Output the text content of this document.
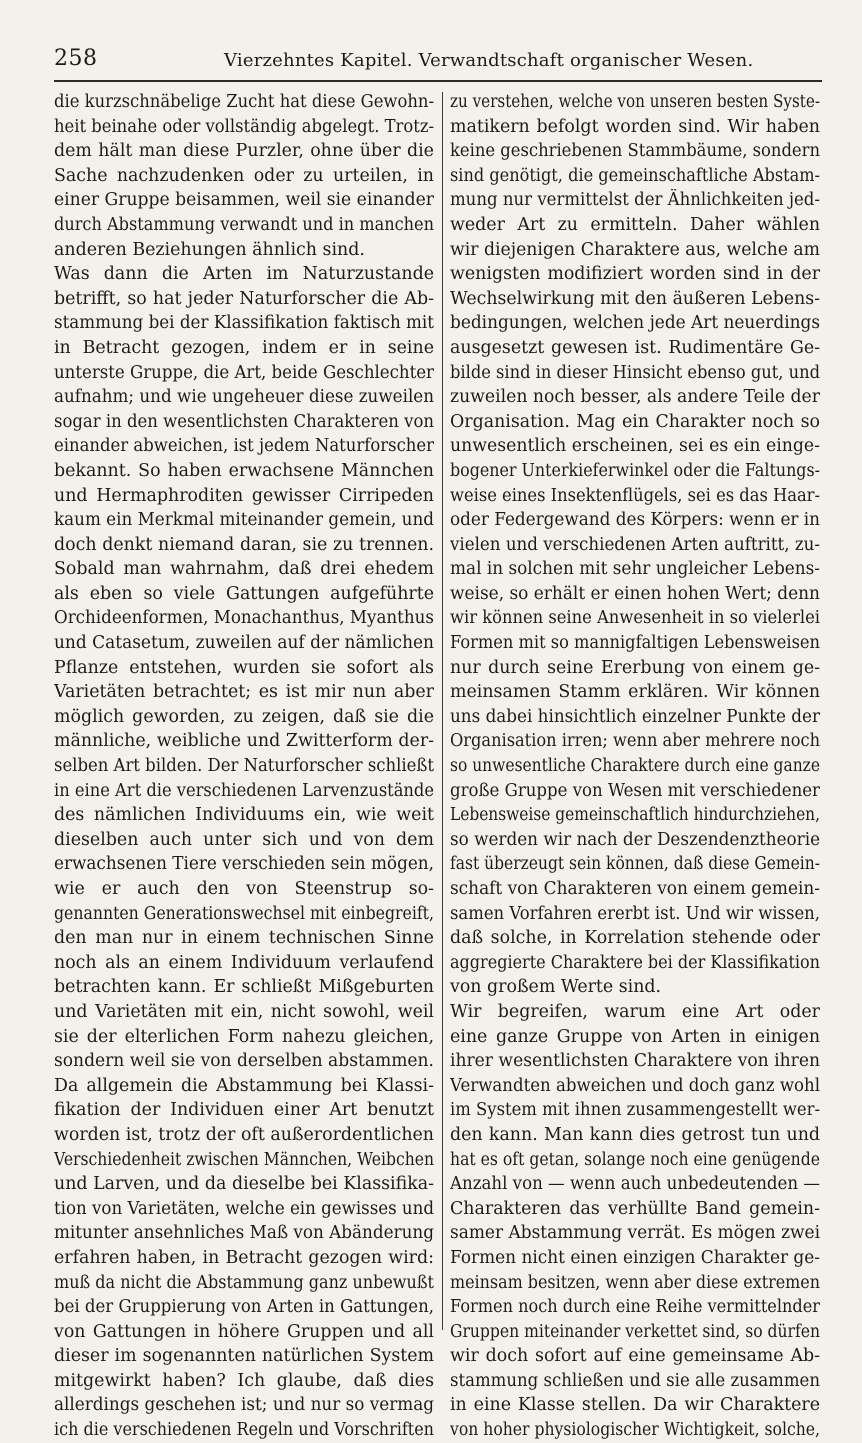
258	Vierzehntes Kapitel. Verwandtschaft organischer Wesen.
die kurzschnäbelige Zucht hat diese Gewohn-
heit beinahe oder vollständig abgelegt. Trotz-
dem hält man diese Purzler, ohne über die
Sache nachzudenken oder zu urteilen, in
einer Gruppe beisammen, weil sie einander
durch Abstammung verwandt und in manchen
anderen Beziehungen ähnlich sind.
Was dann die Arten im Naturzustande
betrifft, so hat jeder Naturforscher die Ab-
stammung bei der Klassifikation faktisch mit
in Betracht gezogen, indem er in seine
unterste Gruppe, die Art, beide Geschlechter
aufnahm; und wie ungeheuer diese zuweilen
sogar in den wesentlichsten Charakteren von
einander abweichen, ist jedem Naturforscher
bekannt. So haben erwachsene Männchen
und Hermaphroditen gewisser Cirripeden
kaum ein Merkmal miteinander gemein, und
doch denkt niemand daran, sie zu trennen.
Sobald man wahrnahm, daß drei ehedem
als eben so viele Gattungen aufgeführte
Orchideenformen, Monachanthus, Myanthus
und Catasetum, zuweilen auf der nämlichen
Pflanze entstehen, wurden sie sofort als
Varietäten betrachtet; es ist mir nun aber
möglich geworden, zu zeigen, daß sie die
männliche, weibliche und Zwitterform der-
selben Art bilden. Der Naturforscher schließt
in eine Art die verschiedenen Larvenzustände
des nämlichen Individuums ein, wie weit
dieselben auch unter sich und von dem
erwachsenen Tiere verschieden sein mögen,
wie er auch den von Steenstrup so-
genannten Generationswechsel mit einbegreift,
den man nur in einem technischen Sinne
noch als an einem Individuum verlaufend
betrachten kann. Er schließt Mißgeburten
und Varietäten mit ein, nicht sowohl, weil
sie der elterlichen Form nahezu gleichen,
sondern weil sie von derselben abstammen.
Da allgemein die Abstammung bei Klassi-
fikation der Individuen einer Art benutzt
worden ist, trotz der oft außerordentlichen
Verschiedenheit zwischen Männchen, Weibchen
und Larven, und da dieselbe bei Klassifika-
tion von Varietäten, welche ein gewisses und
mitunter ansehnliches Maß von Abänderung
erfahren haben, in Betracht gezogen wird:
muß da nicht die Abstammung ganz unbewußt
bei der Gruppierung von Arten in Gattungen,
von Gattungen in höhere Gruppen und all
dieser im sogenannten natürlichen System
mitgewirkt haben? Ich glaube, daß dies
allerdings geschehen ist; und nur so vermag
ich die verschiedenen Regeln und Vorschriften
zu verstehen, welche von unseren besten Syste-
matikern befolgt worden sind. Wir haben
keine geschriebenen Stammbäume, sondern
sind genötigt, die gemeinschaftliche Abstam-
mung nur vermittelst der Ähnlichkeiten jed-
weder Art zu ermitteln. Daher wählen
wir diejenigen Charaktere aus, welche am
wenigsten modifiziert worden sind in der
Wechselwirkung mit den äußeren Lebens-
bedingungen, welchen jede Art neuerdings
ausgesetzt gewesen ist. Rudimentäre Ge-
bilde sind in dieser Hinsicht ebenso gut, und
zuweilen noch besser, als andere Teile der
Organisation. Mag ein Charakter noch so
unwesentlich erscheinen, sei es ein einge-
bogener Unterkieferwinkel oder die Faltungs-
weise eines Insektenflügels, sei es das Haar-
oder Federgewand des Körpers: wenn er in
vielen und verschiedenen Arten auftritt, zu-
mal in solchen mit sehr ungleicher Lebens-
weise, so erhält er einen hohen Wert; denn
wir können seine Anwesenheit in so vielerlei
Formen mit so mannigfaltigen Lebensweisen
nur durch seine Ererbung von einem ge-
meinsamen Stamm erklären. Wir können
uns dabei hinsichtlich einzelner Punkte der
Organisation irren; wenn aber mehrere noch
so unwesentliche Charaktere durch eine ganze
große Gruppe von Wesen mit verschiedener
Lebensweise gemeinschaftlich hindurchziehen,
so werden wir nach der Deszendenztheorie
fast überzeugt sein können, daß diese Gemein-
schaft von Charakteren von einem gemein-
samen Vorfahren ererbt ist. Und wir wissen,
daß solche, in Korrelation stehende oder
aggregierte Charaktere bei der Klassifikation
von großem Werte sind.
Wir begreifen, warum eine Art oder
eine ganze Gruppe von Arten in einigen
ihrer wesentlichsten Charaktere von ihren
Verwandten abweichen und doch ganz wohl
im System mit ihnen zusammengestellt wer-
den kann. Man kann dies getrost tun und
hat es oft getan, solange noch eine genügende
Anzahl von — wenn auch unbedeutenden —
Charakteren das verhüllte Band gemein-
samer Abstammung verrät. Es mögen zwei
Formen nicht einen einzigen Charakter ge-
meinsam besitzen, wenn aber diese extremen
Formen noch durch eine Reihe vermittelnder
Gruppen miteinander verkettet sind, so dürfen
wir doch sofort auf eine gemeinsame Ab-
stammung schließen und sie alle zusammen
in eine Klasse stellen. Da wir Charaktere
von hoher physiologischer Wichtigkeit, solche,
